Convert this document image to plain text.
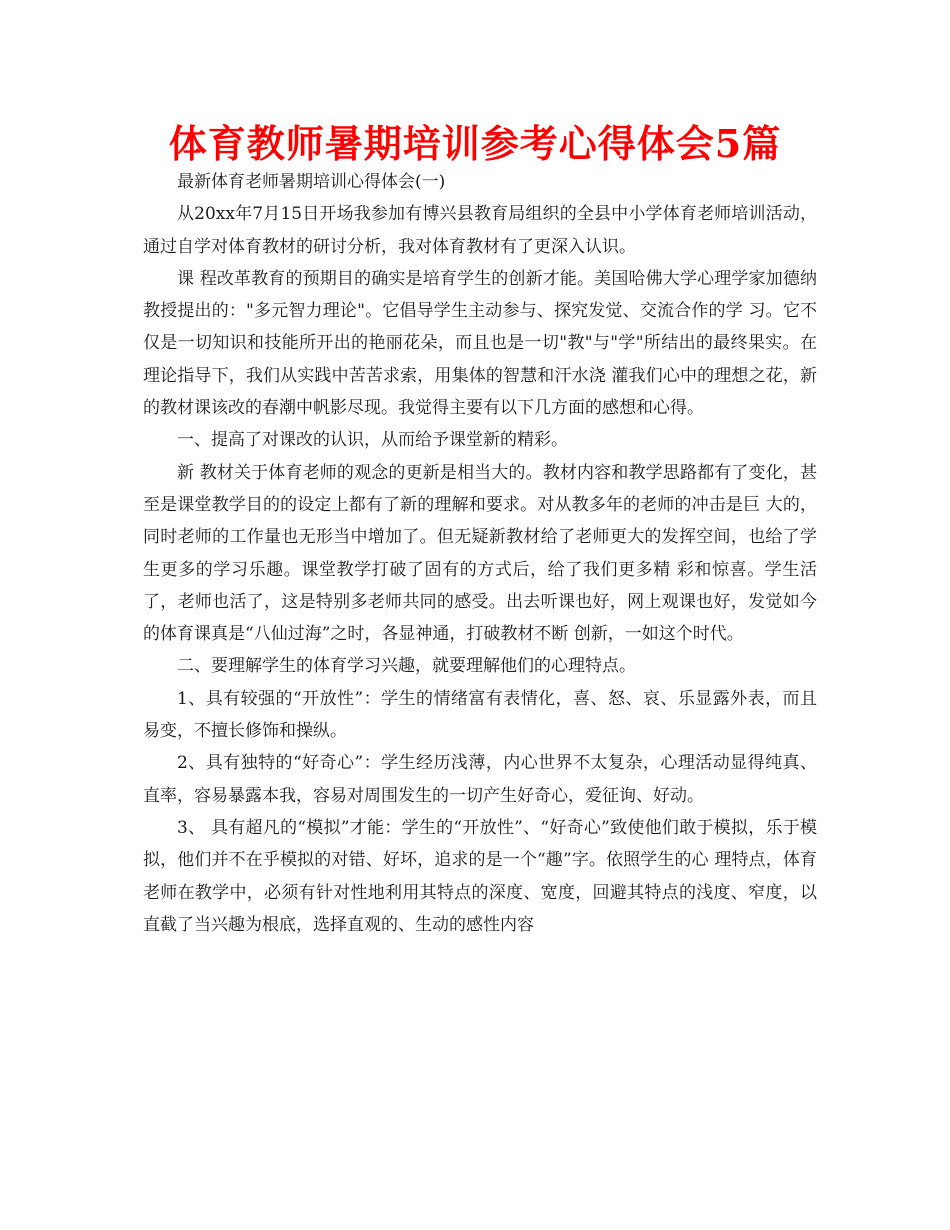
体育教师暑期培训参考心得体会5篇

最新体育老师暑期培训心得体会(一)

从20xx年7月15日开场我参加有博兴县教育局组织的全县中小学体育老师培训活动，通过自学对体育教材的研讨分析，我对体育教材有了更深入认识。

课 程改革教育的预期目的确实是培育学生的创新才能。美国哈佛大学心理学家加德纳教授提出的："多元智力理论"。它倡导学生主动参与、探究发觉、交流合作的学 习。它不仅是一切知识和技能所开出的艳丽花朵，而且也是一切"教"与"学"所结出的最终果实。在理论指导下，我们从实践中苦苦求索，用集体的智慧和汗水浇 灌我们心中的理想之花，新的教材课该改的春潮中帆影尽现。我觉得主要有以下几方面的感想和心得。

一、提高了对课改的认识，从而给予课堂新的精彩。

新 教材关于体育老师的观念的更新是相当大的。教材内容和教学思路都有了变化，甚至是课堂教学目的的设定上都有了新的理解和要求。对从教多年的老师的冲击是巨 大的，同时老师的工作量也无形当中增加了。但无疑新教材给了老师更大的发挥空间，也给了学生更多的学习乐趣。课堂教学打破了固有的方式后，给了我们更多精 彩和惊喜。学生活了，老师也活了，这是特别多老师共同的感受。出去听课也好，网上观课也好，发觉如今的体育课真是“八仙过海”之时，各显神通，打破教材不断 创新，一如这个时代。

二、要理解学生的体育学习兴趣，就要理解他们的心理特点。

1、具有较强的“开放性”：学生的情绪富有表情化，喜、怒、哀、乐显露外表，而且易变，不擅长修饰和操纵。

2、具有独特的“好奇心”：学生经历浅薄，内心世界不太复杂，心理活动显得纯真、直率，容易暴露本我，容易对周围发生的一切产生好奇心，爱征询、好动。

3、 具有超凡的“模拟”才能：学生的“开放性”、“好奇心”致使他们敢于模拟，乐于模拟，他们并不在乎模拟的对错、好坏，追求的是一个“趣”字。依照学生的心 理特点，体育老师在教学中，必须有针对性地利用其特点的深度、宽度，回避其特点的浅度、窄度，以直截了当兴趣为根底，选择直观的、生动的感性内容
